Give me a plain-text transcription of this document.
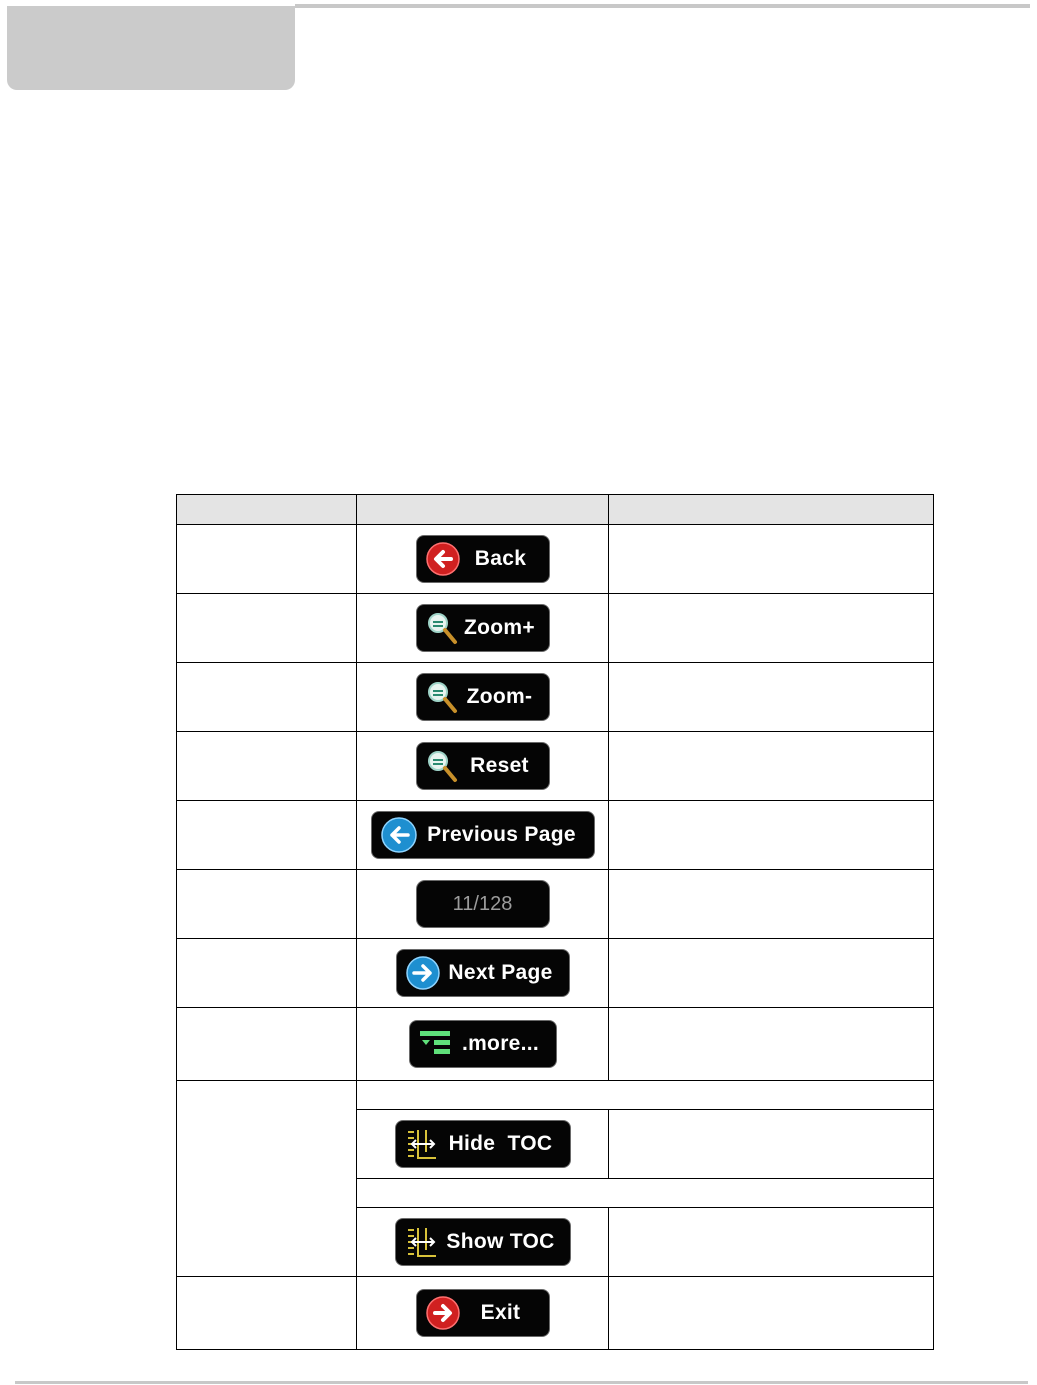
	Back	

	Zoom+	

	Zoom-	

	Reset	

	Previous Page	

	11/128	

	Next Page	

	.more...	

	Hide  TOC	

	Show TOC	

	Exit	
